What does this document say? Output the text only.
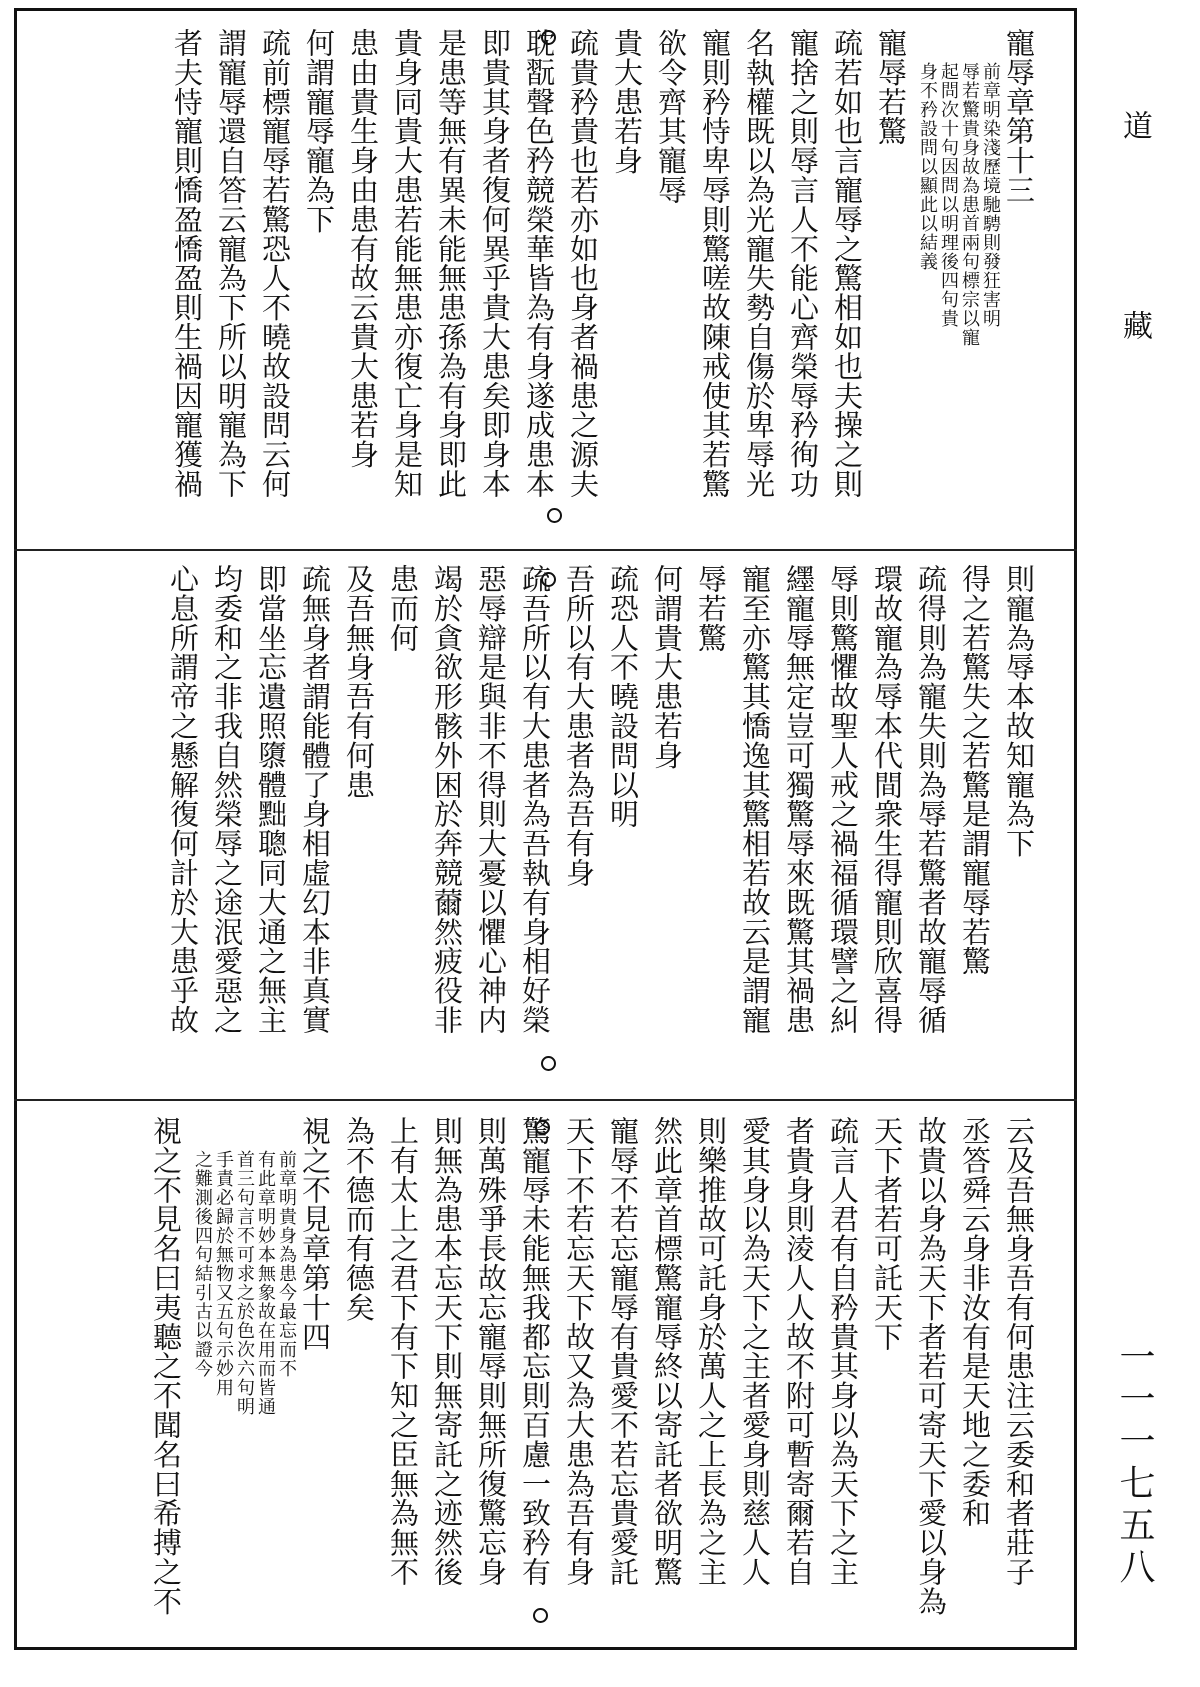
道　藏
一一一七五八
寵辱章第十三
前章明染淺歷境馳騁則發狂害明
辱若驚貴身故為患首兩句標宗以寵
起問次十句因問以明理後四句貴
身不矜設問以顯此以結義
寵辱若驚
疏若如也言寵辱之驚相如也夫操之則
寵捨之則辱言人不能心齊榮辱矜徇功
名執權既以為光寵失勢自傷於卑辱光
寵則矜恃卑辱則驚嗟故陳戒使其若驚
欲令齊其寵辱
貴大患若身
疏貴矜貴也若亦如也身者禍患之源夫
耽翫聲色矜競榮華皆為有身遂成患本
即貴其身者復何異乎貴大患矣即身本
是患等無有異未能無患孫為有身即此
貴身同貴大患若能無患亦復亡身是知
患由貴生身由患有故云貴大患若身
何謂寵辱寵為下
疏前標寵辱若驚恐人不曉故設問云何
謂寵辱還自答云寵為下所以明寵為下
者夫恃寵則憍盈憍盈則生禍因寵獲禍
則寵為辱本故知寵為下
得之若驚失之若驚是謂寵辱若驚
疏得則為寵失則為辱若驚者故寵辱循
環故寵為辱本代間衆生得寵則欣喜得
辱則驚懼故聖人戒之禍福循環譬之糾
纆寵辱無定豈可獨驚辱來既驚其禍患
寵至亦驚其憍逸其驚相若故云是謂寵
辱若驚
何謂貴大患若身
疏恐人不曉設問以明
吾所以有大患者為吾有身
疏吾所以有大患者為吾執有身相好榮
惡辱辯是與非不得則大憂以懼心神内
竭於貪欲形骸外困於奔競薾然疲役非
患而何
及吾無身吾有何患
疏無身者謂能體了身相虛幻本非真實
即當坐忘遺照隳體黜聰同大通之無主
均委和之非我自然榮辱之途泯愛惡之
心息所謂帝之懸解復何計於大患乎故
云及吾無身吾有何患注云委和者莊子
丞答舜云身非汝有是天地之委和
故貴以身為天下者若可寄天下愛以身為
天下者若可託天下
疏言人君有自矜貴其身以為天下之主
者貴身則淩人人故不附可暫寄爾若自
愛其身以為天下之主者愛身則慈人人
則樂推故可託身於萬人之上長為之主
然此章首標驚寵辱終以寄託者欲明驚
寵辱不若忘寵辱有貴愛不若忘貴愛託
天下不若忘天下故又為大患為吾有身
驚寵辱未能無我都忘則百慮一致矜有
則萬殊爭長故忘寵辱則無所復驚忘身
則無為患本忘天下則無寄託之迹然後
上有太上之君下有下知之臣無為無不
為不德而有德矣
視之不見章第十四
前章明貴身為患今最忘而不
有此章明妙本無象故在用而皆通
首三句言不可求之於色次六句明
手責必歸於無物又五句示妙用
之難測後四句結引古以證今
視之不見名曰夷聽之不聞名曰希搏之不
